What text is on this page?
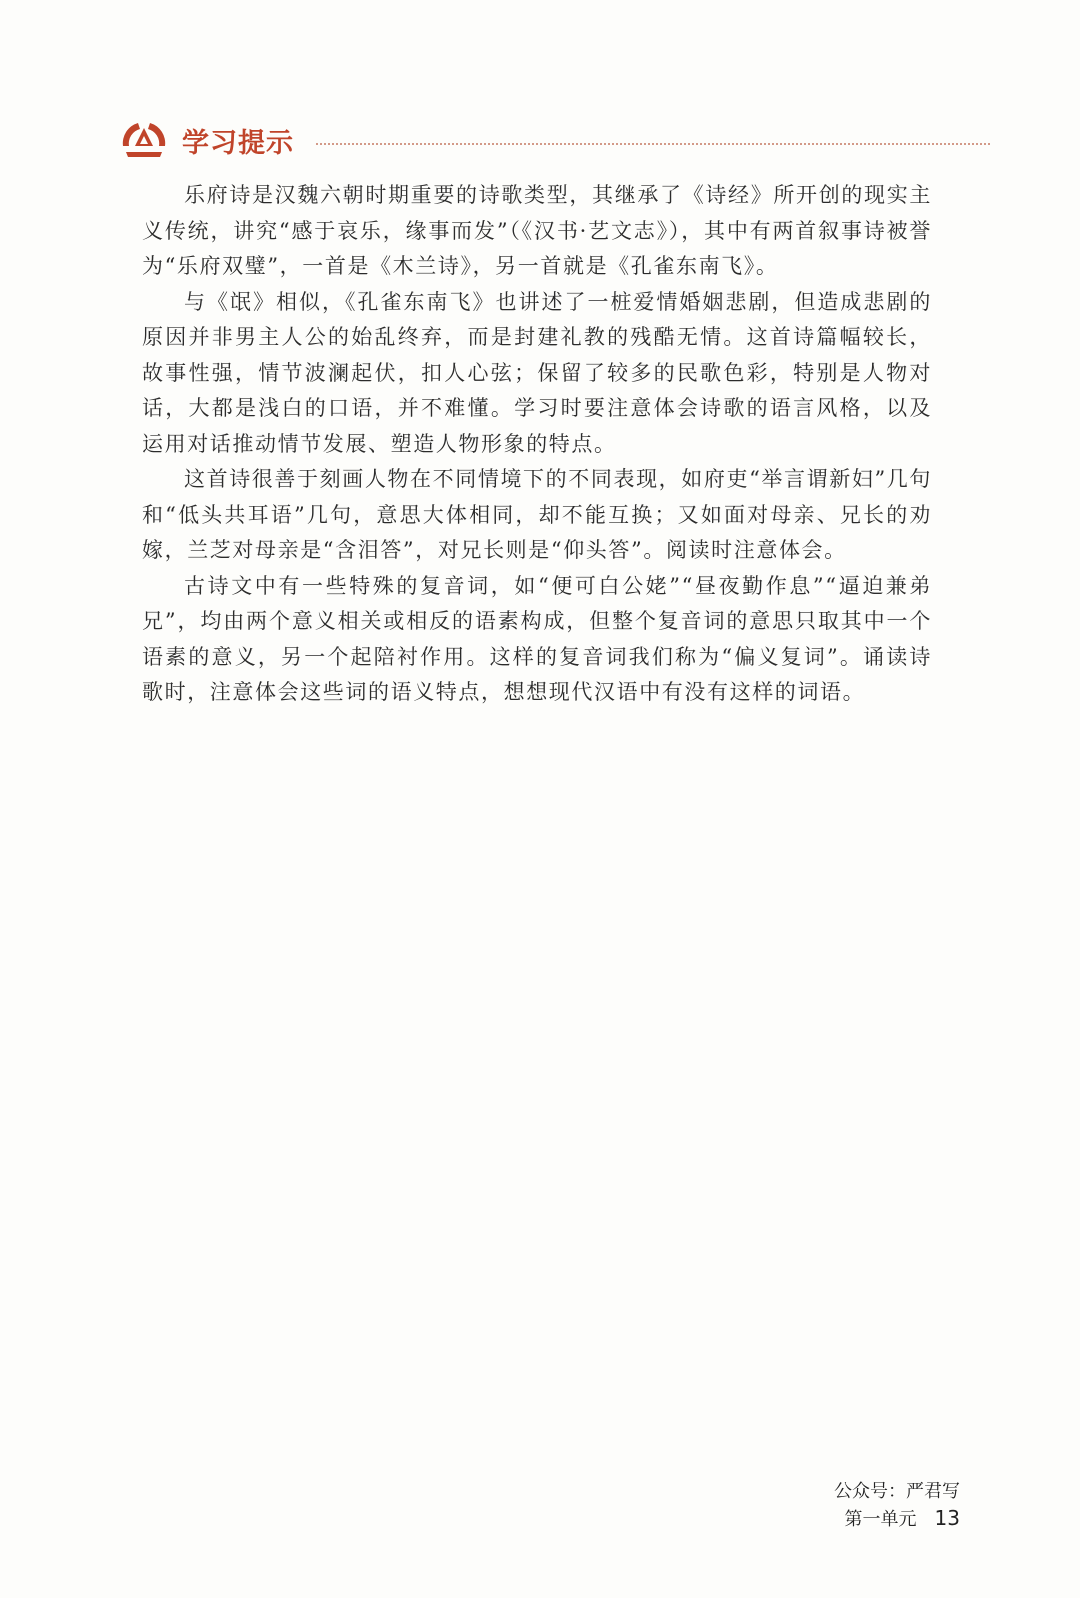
学习提示

乐府诗是汉魏六朝时期重要的诗歌类型，其继承了《诗经》所开创的现实主义传统，讲究“感于哀乐，缘事而发”（《汉书·艺文志》），其中有两首叙事诗被誉为“乐府双璧”，一首是《木兰诗》，另一首就是《孔雀东南飞》。

与《氓》相似，《孔雀东南飞》也讲述了一桩爱情婚姻悲剧，但造成悲剧的原因并非男主人公的始乱终弃，而是封建礼教的残酷无情。这首诗篇幅较长，故事性强，情节波澜起伏，扣人心弦；保留了较多的民歌色彩，特别是人物对话，大都是浅白的口语，并不难懂。学习时要注意体会诗歌的语言风格，以及运用对话推动情节发展、塑造人物形象的特点。

这首诗很善于刻画人物在不同情境下的不同表现，如府吏“举言谓新妇”几句和“低头共耳语”几句，意思大体相同，却不能互换；又如面对母亲、兄长的劝嫁，兰芝对母亲是“含泪答”，对兄长则是“仰头答”。阅读时注意体会。

古诗文中有一些特殊的复音词，如“便可白公姥”“昼夜勤作息”“逼迫兼弟兄”，均由两个意义相关或相反的语素构成，但整个复音词的意思只取其中一个语素的意义，另一个起陪衬作用。这样的复音词我们称为“偏义复词”。诵读诗歌时，注意体会这些词的语义特点，想想现代汉语中有没有这样的词语。

公众号：严君写
第一单元 13
